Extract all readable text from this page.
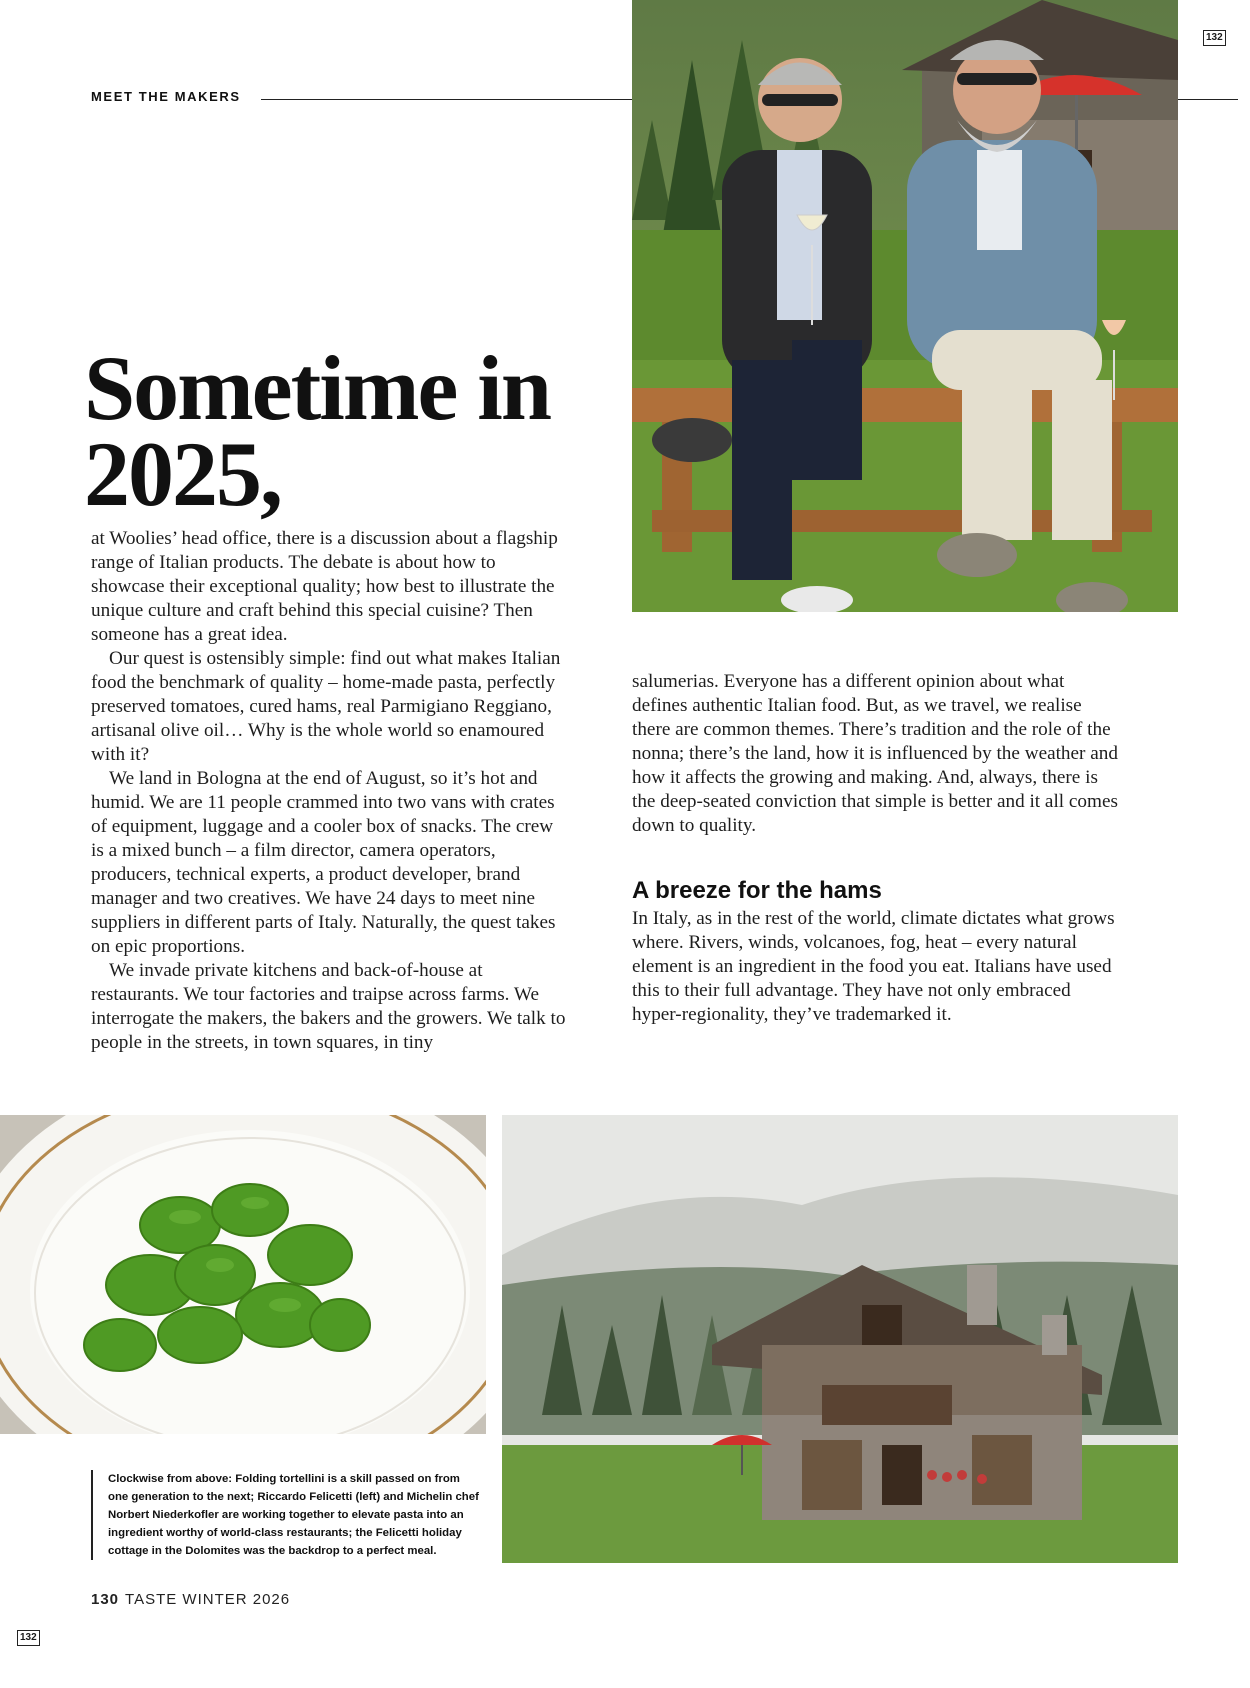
132
132
MEET THE MAKERS
Sometime in 2025,

at Woolies’ head office, there is a discussion about a flagship range of Italian products. The debate is about how to showcase their exceptional quality; how best to illustrate the unique culture and craft behind this special cuisine? Then someone has a great idea.

Our quest is ostensibly simple: find out what makes Italian food the benchmark of quality – home-made pasta, perfectly preserved tomatoes, cured hams, real Parmigiano Reggiano, artisanal olive oil… Why is the whole world so enamoured with it?

We land in Bologna at the end of August, so it’s hot and humid. We are 11 people crammed into two vans with crates of equipment, luggage and a cooler box of snacks. The crew is a mixed bunch – a film director, camera operators, producers, technical experts, a product developer, brand manager and two creatives. We have 24 days to meet nine suppliers in different parts of Italy. Naturally, the quest takes on epic proportions.

We invade private kitchens and back-of-house at restaurants. We tour factories and traipse across farms. We interrogate the makers, the bakers and the growers. We talk to people in the streets, in town squares, in tiny

salumerias. Everyone has a different opinion about what defines authentic Italian food. But, as we travel, we realise there are common themes. There’s tradition and the role of the nonna; there’s the land, how it is influenced by the weather and how it affects the growing and making. And, always, there is the deep-seated conviction that simple is better and it all comes down to quality.

A breeze for the hams

In Italy, as in the rest of the world, climate dictates what grows where. Rivers, winds, volcanoes, fog, heat – every natural element is an ingredient in the food you eat. Italians have used this to their full advantage. They have not only embraced hyper-regionality, they’ve trademarked it.

Clockwise from above: Folding tortellini is a skill passed on from one generation to the next; Riccardo Felicetti (left) and Michelin chef Norbert Niederkofler are working together to elevate pasta into an ingredient worthy of world-class restaurants; the Felicetti holiday cottage in the Dolomites was the backdrop to a perfect meal.
130 TASTE WINTER 2026
